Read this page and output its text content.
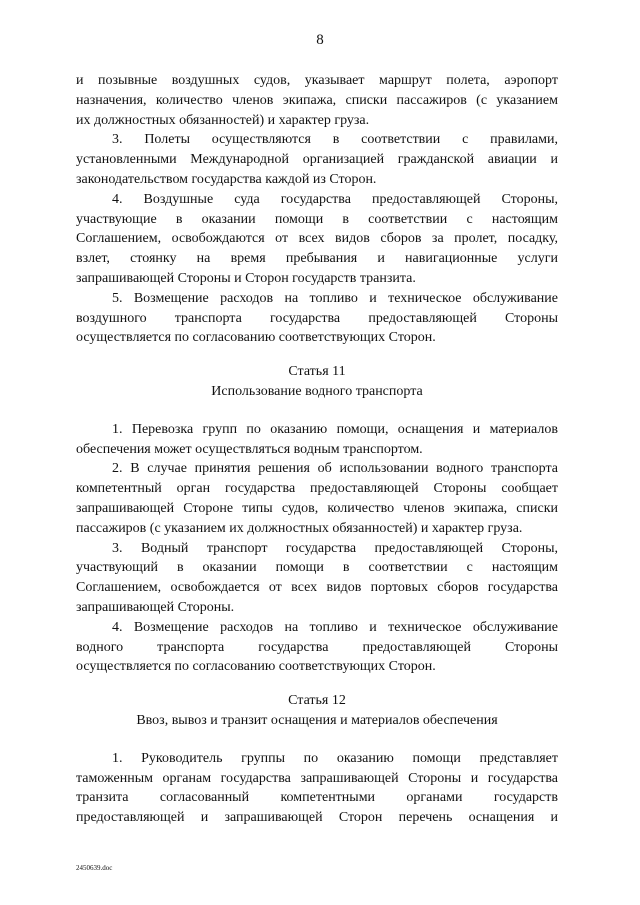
8
и позывные воздушных судов, указывает маршрут полета, аэропорт
назначения, количество членов экипажа, списки пассажиров (с указанием
их должностных обязанностей) и характер груза.
3. Полеты осуществляются в соответствии с правилами,
установленными Международной организацией гражданской авиации и
законодательством государства каждой из Сторон.
4. Воздушные суда государства предоставляющей Стороны,
участвующие в оказании помощи в соответствии с настоящим
Соглашением, освобождаются от всех видов сборов за пролет, посадку,
взлет, стоянку на время пребывания и навигационные услуги
запрашивающей Стороны и Сторон государств транзита.
5. Возмещение расходов на топливо и техническое обслуживание
воздушного транспорта государства предоставляющей Стороны
осуществляется по согласованию соответствующих Сторон.
Статья 11
Использование водного транспорта
1. Перевозка групп по оказанию помощи, оснащения и материалов
обеспечения может осуществляться водным транспортом.
2. В случае принятия решения об использовании водного транспорта
компетентный орган государства предоставляющей Стороны сообщает
запрашивающей Стороне типы судов, количество членов экипажа, списки
пассажиров (с указанием их должностных обязанностей) и характер груза.
3. Водный транспорт государства предоставляющей Стороны,
участвующий в оказании помощи в соответствии с настоящим
Соглашением, освобождается от всех видов портовых сборов государства
запрашивающей Стороны.
4. Возмещение расходов на топливо и техническое обслуживание
водного транспорта государства предоставляющей Стороны
осуществляется по согласованию соответствующих Сторон.
Статья 12
Ввоз, вывоз и транзит оснащения и материалов обеспечения
1. Руководитель группы по оказанию помощи представляет
таможенным органам государства запрашивающей Стороны и государства
транзита согласованный компетентными органами государств
предоставляющей и запрашивающей Сторон перечень оснащения и
2450639.doc
